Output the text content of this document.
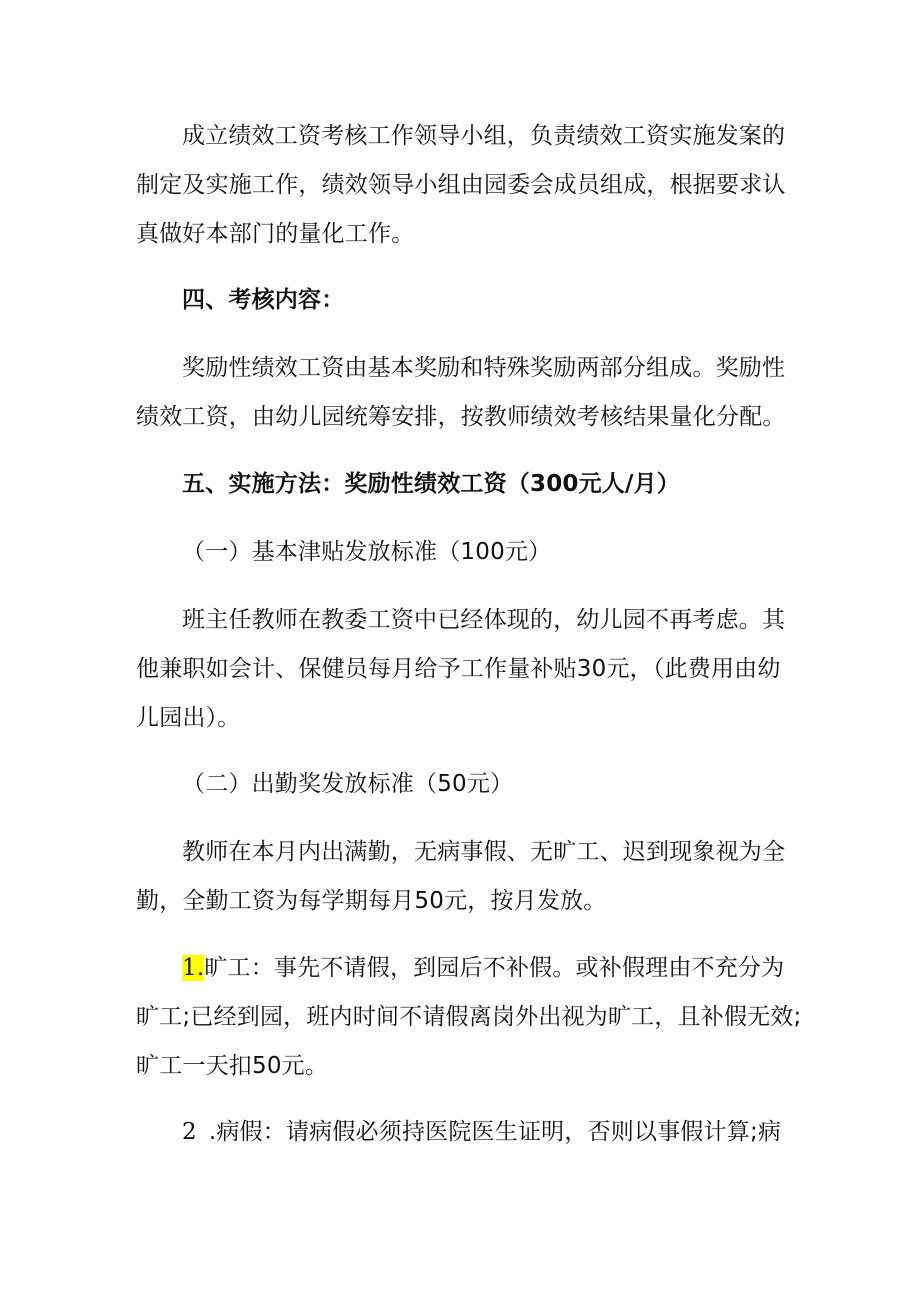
成立绩效工资考核工作领导小组，负责绩效工资实施发案的
制定及实施工作，绩效领导小组由园委会成员组成，根据要求认
真做好本部门的量化工作。
四、考核内容：
奖励性绩效工资由基本奖励和特殊奖励两部分组成。奖励性
绩效工资，由幼儿园统筹安排，按教师绩效考核结果量化分配。
五、实施方法：奖励性绩效工资（300元人/月）
（一）基本津贴发放标准（100元）
班主任教师在教委工资中已经体现的，幼儿园不再考虑。其
他兼职如会计、保健员每月给予工作量补贴30元，（此费用由幼
儿园出）。
（二）出勤奖发放标准（50元）
教师在本月内出满勤，无病事假、无旷工、迟到现象视为全
勤，全勤工资为每学期每月50元，按月发放。
1.旷工：事先不请假，到园后不补假。或补假理由不充分为
旷工;已经到园，班内时间不请假离岗外出视为旷工，且补假无效;
旷工一天扣50元。
2 .病假：请病假必须持医院医生证明，否则以事假计算;病
